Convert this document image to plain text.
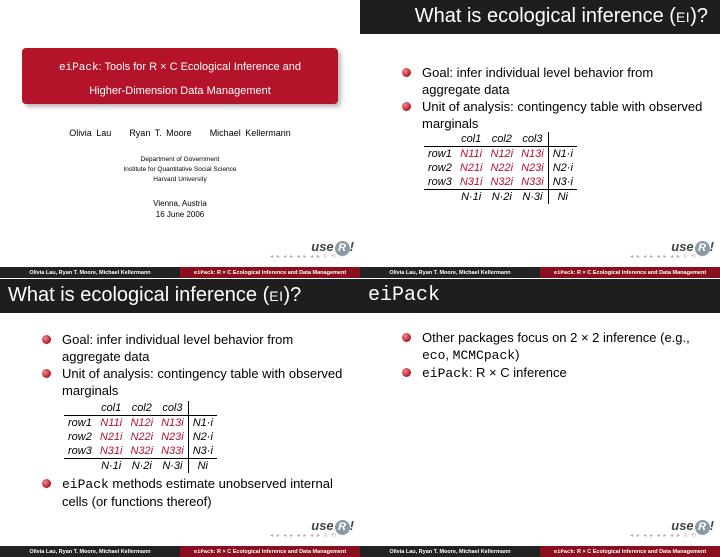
eiPack: Tools for R × C Ecological Inference and
Higher-Dimension Data Management
Olivia Lau Ryan T. Moore Michael Kellermann
Department of Government
Institute for Quantitative Social Science
Harvard University
Vienna, Austria
16 June 2006
use R !
◂ ▸ ◂ ▸ ◂ ▸ ◂ ▸ ≡ ⟲ ○
Olivia Lau, Ryan T. Moore, Michael Kellermann	eiPack : R × C Ecological Inference and Data Management
What is ecological inference (EI)?
Goal: infer individual level behavior from aggregate data
Unit of analysis: contingency table with observed marginals
	col1	col2	col3	
row1	N11i	N12i	N13i	N1·i
row2	N21i	N22i	N23i	N2·i
row3	N31i	N32i	N33i	N3·i
	N·1i	N·2i	N·3i	Ni
use R !
◂ ▸ ◂ ▸ ◂ ▸ ◂ ▸ ≡ ⟲ ○
Olivia Lau, Ryan T. Moore, Michael Kellermann	eiPack : R × C Ecological Inference and Data Management
What is ecological inference (EI)?
Goal: infer individual level behavior from aggregate data
Unit of analysis: contingency table with observed marginals
	col1	col2	col3	
row1	N11i	N12i	N13i	N1·i
row2	N21i	N22i	N23i	N2·i
row3	N31i	N32i	N33i	N3·i
	N·1i	N·2i	N·3i	Ni
eiPack methods estimate unobserved internal cells (or functions thereof)
use R !
◂ ▸ ◂ ▸ ◂ ▸ ◂ ▸ ≡ ⟲ ○
Olivia Lau, Ryan T. Moore, Michael Kellermann	eiPack : R × C Ecological Inference and Data Management
eiPack
Other packages focus on 2 × 2 inference (e.g., eco, MCMCpack)
eiPack: R × C inference
use R !
◂ ▸ ◂ ▸ ◂ ▸ ◂ ▸ ≡ ⟲ ○
Olivia Lau, Ryan T. Moore, Michael Kellermann	eiPack : R × C Ecological Inference and Data Management
